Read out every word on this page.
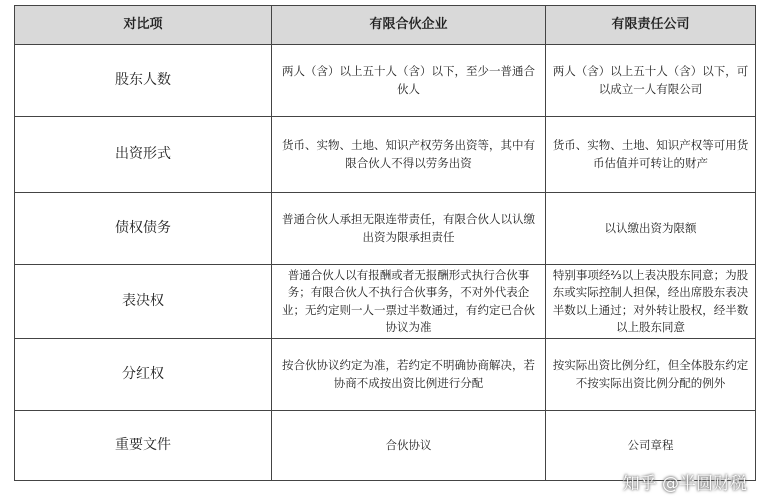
对比项	有限合伙企业	有限责任公司
股东人数	两人（含）以上五十人（含）以下，至少一普通合伙人	两人（含）以上五十人（含）以下，可以成立一人有限公司
出资形式	货币、实物、土地、知识产权劳务出资等，其中有限合伙人不得以劳务出资	货币、实物、土地、知识产权等可用货币估值并可转让的财产
债权债务	普通合伙人承担无限连带责任，有限合伙人以认缴出资为限承担责任	以认缴出资为限额
表决权	普通合伙人以有报酬或者无报酬形式执行合伙事务；有限合伙人不执行合伙事务，不对外代表企业；无约定则一人一票过半数通过，有约定已合伙协议为准	特别事项经⅔以上表决股东同意；为股东或实际控制人担保，经出席股东表决半数以上通过；对外转让股权，经半数以上股东同意
分红权	按合伙协议约定为准，若约定不明确协商解决，若协商不成按出资比例进行分配	按实际出资比例分红，但全体股东约定不按实际出资比例分配的例外
重要文件	合伙协议	公司章程
知乎 @半圆财税
